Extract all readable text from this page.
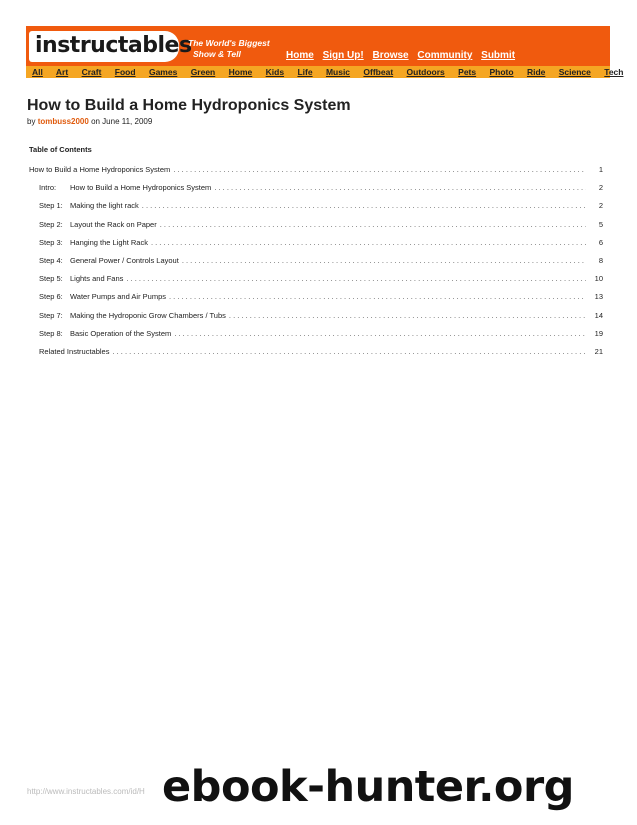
instructables
The World's Biggest
Show & Tell	Home Sign Up! Browse Community Submit
All Art Craft Food Games Green Home Kids Life Music Offbeat Outdoors Pets Photo Ride Science Tech
How to Build a Home Hydroponics System
by tombuss2000 on June 11, 2009
Table of Contents
How to Build a Home Hydroponics System . . .	1
Intro: How to Build a Home Hydroponics System . . .	2
Step 1: Making the light rack . . .	2
Step 2: Layout the Rack on Paper . . .	5
Step 3: Hanging the Light Rack . . .	6
Step 4: General Power / Controls Layout . . .	8
Step 5: Lights and Fans . . .	10
Step 6: Water Pumps and Air Pumps . . .	13
Step 7: Making the Hydroponic Grow Chambers / Tubs . . .	14
Step 8: Basic Operation of the System . . .	19
Related Instructables . . .	21
http://www.instructables.com/id/H ebook-hunter.org
